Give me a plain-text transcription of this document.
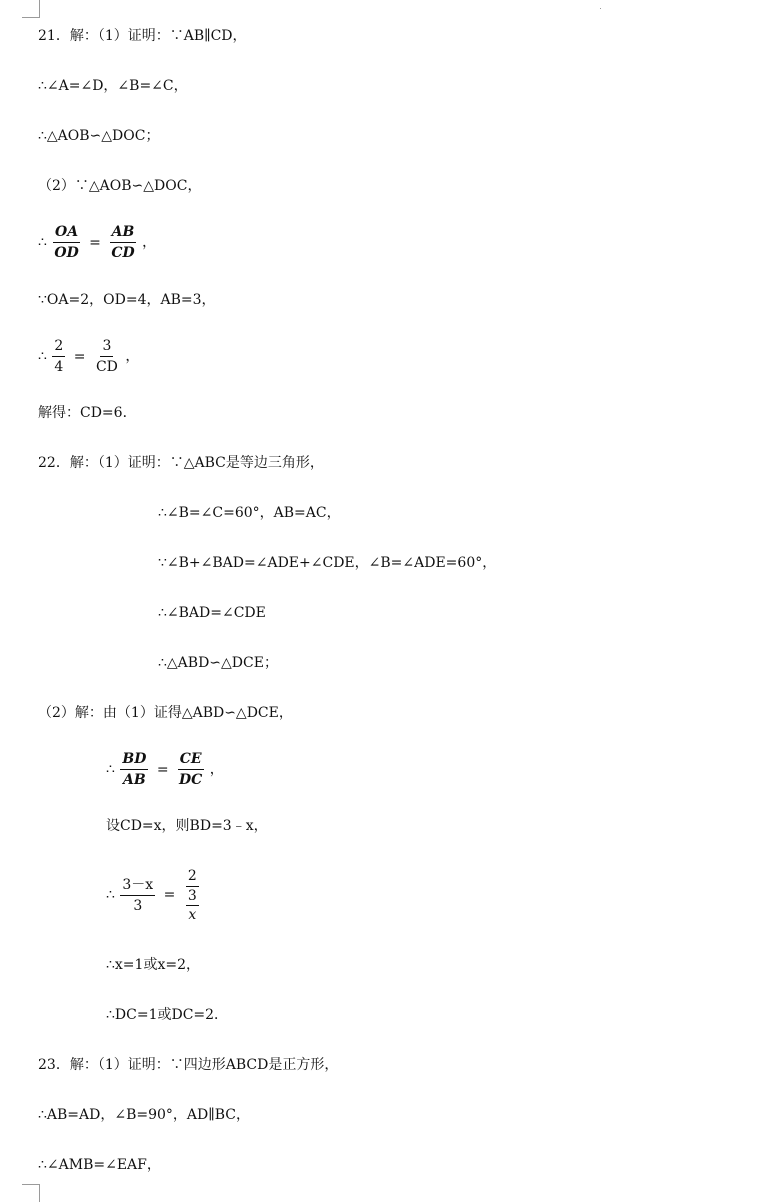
21．解：（1）证明：∵AB∥CD，
∴∠A=∠D，∠B=∠C，
∴△AOB∽△DOC；
（2）∵△AOB∽△DOC，
∴ $\frac{OA}{OD} = \frac{AB}{CD}$ ，
∵OA=2，OD=4，AB=3，
∴ $\frac{2}{4} = \frac{3}{CD}$ ，
解得：CD=6．
22．解：（1）证明：∵△ABC是等边三角形，
∴∠B=∠C=60°，AB=AC，
∵∠B+∠BAD=∠ADE+∠CDE，∠B=∠ADE=60°，
∴∠BAD=∠CDE
∴△ABD∽△DCE；
（2）解：由（1）证得△ABD∽△DCE，
∴ $\frac{BD}{AB} = \frac{CE}{DC}$ ，
设CD=x，则BD=3﹣x，
∴ $\frac{3-x}{3} = \frac{2}{\frac{3}{x}}$
∴x=1或x=2，
∴DC=1或DC=2．
23．解：（1）证明：∵四边形ABCD是正方形，
∴AB=AD，∠B=90°，AD∥BC，
∴∠AMB=∠EAF，
